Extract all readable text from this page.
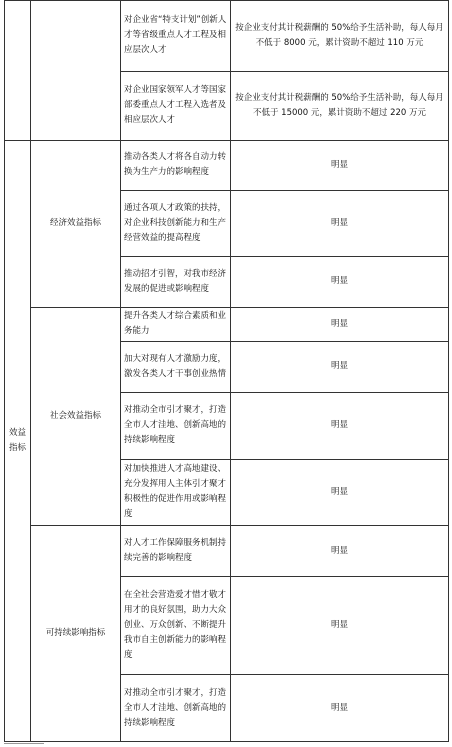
		对企业省“特支计划”创新人才等省级重点人才工程及相应层次人才	按企业支付其计税薪酬的 50%给予生活补助，每人每月不低于 8000 元，累计资助不超过 110 万元
		对企业国家领军人才等国家部委重点人才工程入选者及相应层次人才	按企业支付其计税薪酬的 50%给予生活补助，每人每月不低于 15000 元，累计资助不超过 220 万元
效益
指标	经济效益指标	推动各类人才将各自动力转换为生产力的影响程度	明显
		通过各项人才政策的扶持，对企业科技创新能力和生产经营效益的提高程度	明显
		推动招才引智，对我市经济发展的促进或影响程度	明显
	社会效益指标	提升各类人才综合素质和业务能力	明显
		加大对现有人才激励力度，激发各类人才干事创业热情	明显
		对推动全市引才聚才，打造全市人才洼地、创新高地的持续影响程度	明显
		对加快推进人才高地建设、充分发挥用人主体引才聚才积极性的促进作用或影响程度	明显
	可持续影响指标	对人才工作保障服务机制持续完善的影响程度	明显
		在全社会营造爱才惜才敬才用才的良好氛围，助力大众创业、万众创新、不断提升我市自主创新能力的影响程度	明显
		对推动全市引才聚才，打造全市人才洼地、创新高地的持续影响程度	明显
